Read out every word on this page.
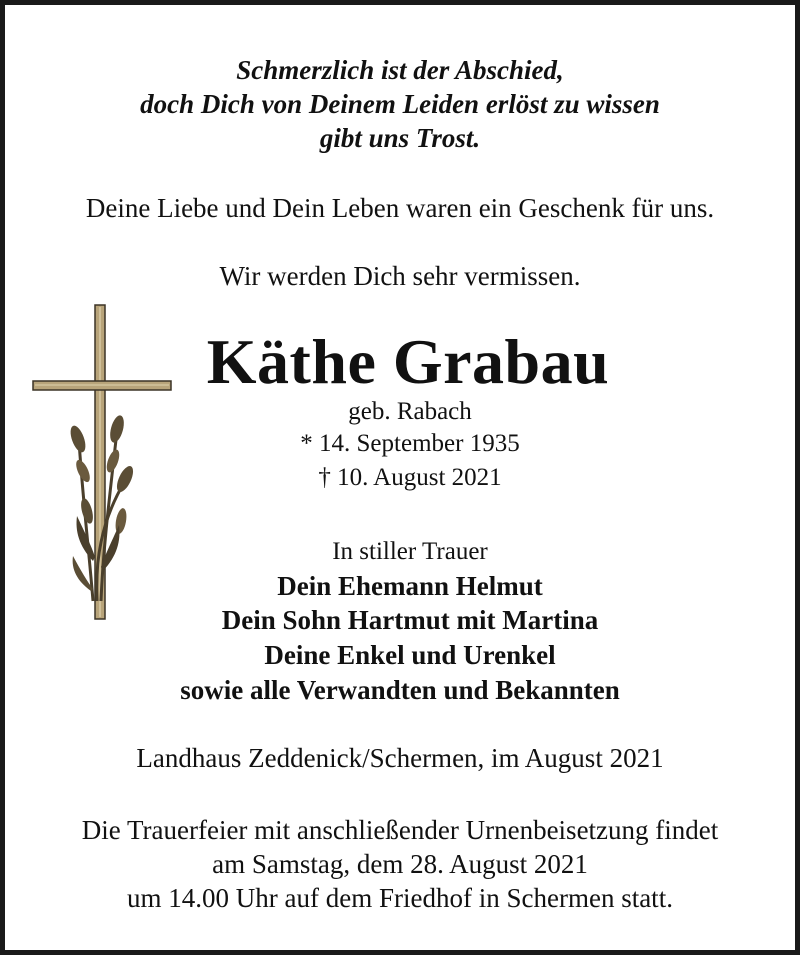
Schmerzlich ist der Abschied,
doch Dich von Deinem Leiden erlöst zu wissen
gibt uns Trost.
Deine Liebe und Dein Leben waren ein Geschenk für uns.
Wir werden Dich sehr vermissen.
Käthe Grabau
geb. Rabach
* 14. September 1935
† 10. August 2021
In stiller Trauer
Dein Ehemann Helmut
Dein Sohn Hartmut mit Martina
Deine Enkel und Urenkel
sowie alle Verwandten und Bekannten
Landhaus Zeddenick/Schermen, im August 2021
Die Trauerfeier mit anschließender Urnenbeisetzung findet
am Samstag, dem 28. August 2021
um 14.00 Uhr auf dem Friedhof in Schermen statt.
